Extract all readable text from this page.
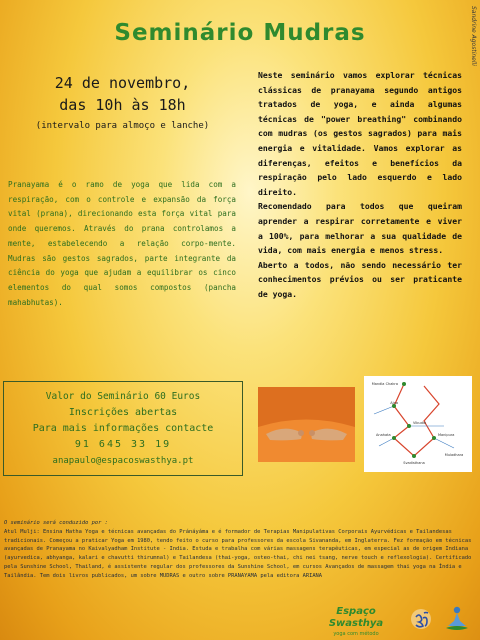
Seminário Mudras	Sandrine Agostinelli
24 de novembro,
das 10h às 18h
(intervalo para almoço e lanche)

Pranayama é o ramo de yoga que lida com a respiração, com o controle e expansão da força vital (prana), direcionando esta força vital para onde queremos. Através do prana controlamos a mente, estabelecendo a relação corpo-mente. Mudras são gestos sagrados, parte integrante da ciência do yoga que ajudam a equilibrar os cinco elementos do qual somos compostos (pancha mahabhutas).

Neste seminário vamos explorar técnicas clássicas de pranayama segundo antigos tratados de yoga, e ainda algumas técnicas de "power breathing" combinando com mudras (os gestos sagrados) para mais energia e vitalidade. Vamos explorar as diferenças, efeitos e benefícios da respiração pelo lado esquerdo e lado direito.

Recomendado para todos que queiram aprender a respirar corretamente e viver a 100%, para melhorar a sua qualidade de vida, com mais energia e menos stress.

Aberto a todos, não sendo necessário ter conhecimentos prévios ou ser praticante de yoga.

Valor do Seminário 60 Euros
Inscrições abertas
Para mais informações contacte
91 645 33 19
anapaulo@espacoswasthya.pt
Mandla Chakra
Ajna
Vibuddi
Anahata	Manipura
Svadisthana
Muladhara
O seminário será conduzido por :
Atul Mulji: Ensina Hatha Yoga e técnicas avançadas do Pránáyáma e é formador de Terapias Manipulativas Corporais Ayurvédicas e Tailandesas tradicionais. Começou a praticar Yoga em 1980, tendo feito o curso para professores da escola Sivananda, em Inglaterra. Fez formação em técnicas avançadas de Pranayama no Kaivalyadham Institute - India. Estuda e trabalha com várias massagens terapêuticas, em especial as de origem Indiana (ayurvedica, abhyanga, kalari e chavutti thirumnal) e Tailandesa (thai-yoga, osteo-thai, chi nei tsang, nerve touch e reflexologia). Certificado pela Sunshine School, Thailand, é assistente regular dos professores da Sunshine School, em cursos Avançados de massagem thai yoga na Índia e Tailândia. Tem dois livros publicados, um sobre MUDRAS e outro sobre PRANAYAMA pela editora ARIANA
Espaço Swasthya
yoga com método
